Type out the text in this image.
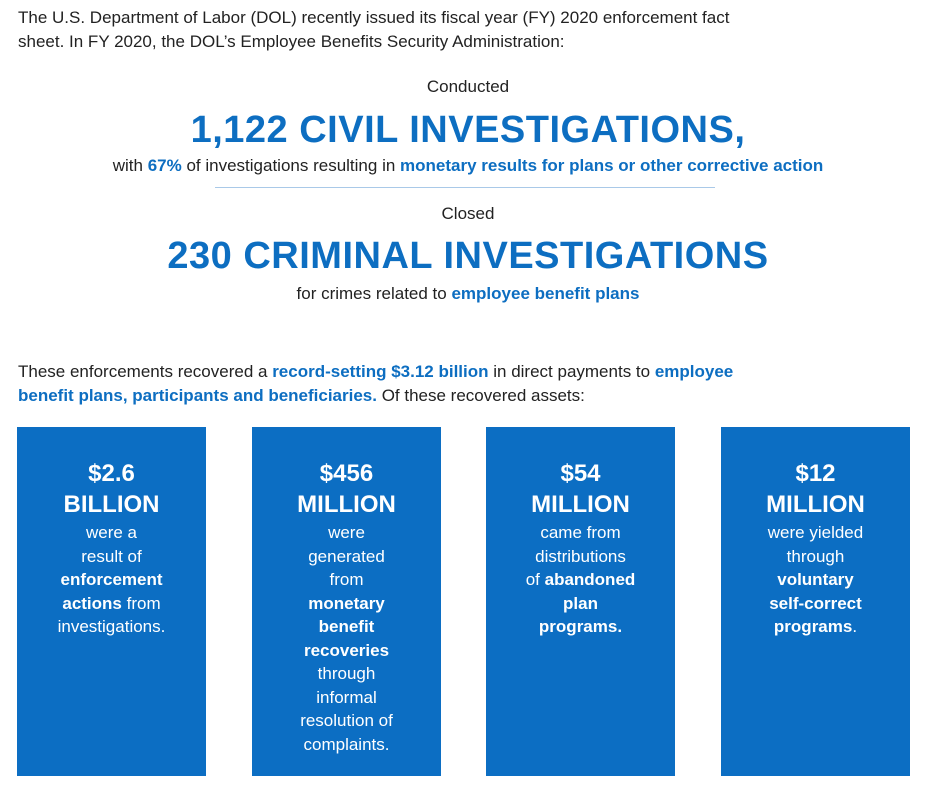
The U.S. Department of Labor (DOL) recently issued its fiscal year (FY) 2020 enforcement fact
sheet. In FY 2020, the DOL’s Employee Benefits Security Administration:
Conducted
1,122 CIVIL INVESTIGATIONS,
with 67% of investigations resulting in monetary results for plans or other corrective action
Closed
230 CRIMINAL INVESTIGATIONS
for crimes related to employee benefit plans
These enforcements recovered a record-setting $3.12 billion in direct payments to employee
benefit plans, participants and beneficiaries. Of these recovered assets:
$2.6
BILLION
were a
result of
enforcement
actions from
investigations.
$456
MILLION
were
generated
from
monetary
benefit
recoveries
through
informal
resolution of
complaints.
$54
MILLION
came from
distributions
of abandoned
plan
programs.
$12
MILLION
were yielded
through
voluntary
self-correct
programs.
